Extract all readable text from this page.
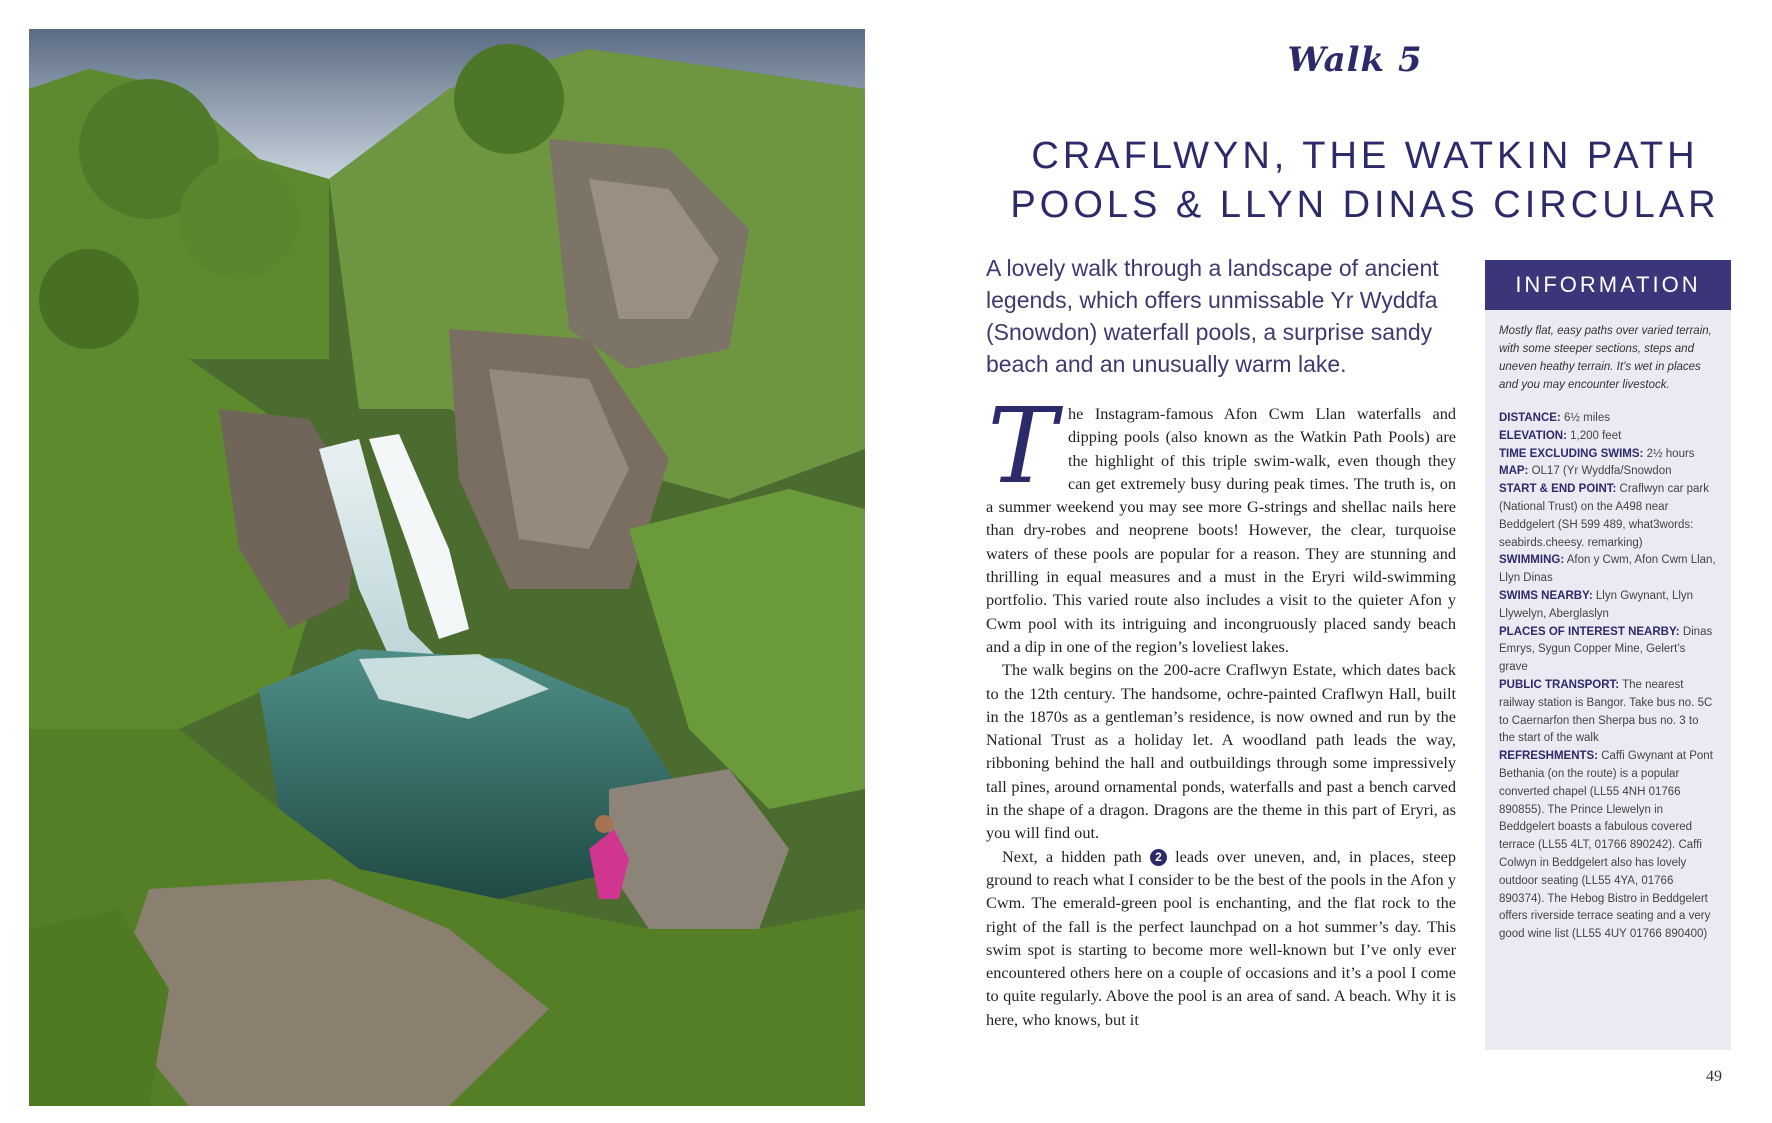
Walk 5
CRAFLWYN, THE WATKIN PATH
POOLS & LLYN DINAS CIRCULAR
A lovely walk through a landscape of ancient legends, which offers unmissable Yr Wyddfa (Snowdon) waterfall pools, a surprise sandy beach and an unusually warm lake.

The Instagram-famous Afon Cwm Llan waterfalls and dipping pools (also known as the Watkin Path Pools) are the highlight of this triple swim-walk, even though they can get extremely busy during peak times. The truth is, on a summer weekend you may see more G-strings and shellac nails here than dry-robes and neoprene boots! However, the clear, turquoise waters of these pools are popular for a reason. They are stunning and thrilling in equal measures and a must in the Eryri wild-swimming portfolio. This varied route also includes a visit to the quieter Afon y Cwm pool with its intriguing and incongruously placed sandy beach and a dip in one of the region’s loveliest lakes.

The walk begins on the 200-acre Craflwyn Estate, which dates back to the 12th century. The handsome, ochre-painted Craflwyn Hall, built in the 1870s as a gentleman’s residence, is now owned and run by the National Trust as a holiday let. A woodland path leads the way, ribboning behind the hall and outbuildings through some impressively tall pines, around ornamental ponds, waterfalls and past a bench carved in the shape of a dragon. Dragons are the theme in this part of Eryri, as you will find out.

Next, a hidden path 2 leads over uneven, and, in places, steep ground to reach what I consider to be the best of the pools in the Afon y Cwm. The emerald-green pool is enchanting, and the flat rock to the right of the fall is the perfect launchpad on a hot summer’s day. This swim spot is starting to become more well-known but I’ve only ever encountered others here on a couple of occasions and it’s a pool I come to quite regularly. Above the pool is an area of sand. A beach. Why it is here, who knows, but it

INFORMATION
Mostly flat, easy paths over varied terrain, with some steeper sections, steps and uneven heathy terrain. It’s wet in places and you may encounter livestock.
DISTANCE: 6½ miles
ELEVATION: 1,200 feet
TIME EXCLUDING SWIMS: 2½ hours
MAP: OL17 (Yr Wyddfa/Snowdon
START & END POINT: Craflwyn car park (National Trust) on the A498 near Beddgelert (SH 599 489, what3words: seabirds.cheesy. remarking)
SWIMMING: Afon y Cwm, Afon Cwm Llan, Llyn Dinas
SWIMS NEARBY: Llyn Gwynant, Llyn Llywelyn, Aberglaslyn
PLACES OF INTEREST NEARBY: Dinas Emrys, Sygun Copper Mine, Gelert’s grave
PUBLIC TRANSPORT: The nearest railway station is Bangor. Take bus no. 5C to Caernarfon then Sherpa bus no. 3 to the start of the walk
REFRESHMENTS: Caffi Gwynant at Pont Bethania (on the route) is a popular converted chapel (LL55 4NH 01766 890855). The Prince Llewelyn in Beddgelert boasts a fabulous covered terrace (LL55 4LT, 01766 890242). Caffi Colwyn in Beddgelert also has lovely outdoor seating (LL55 4YA, 01766 890374). The Hebog Bistro in Beddgelert offers riverside terrace seating and a very good wine list (LL55 4UY 01766 890400)
49
